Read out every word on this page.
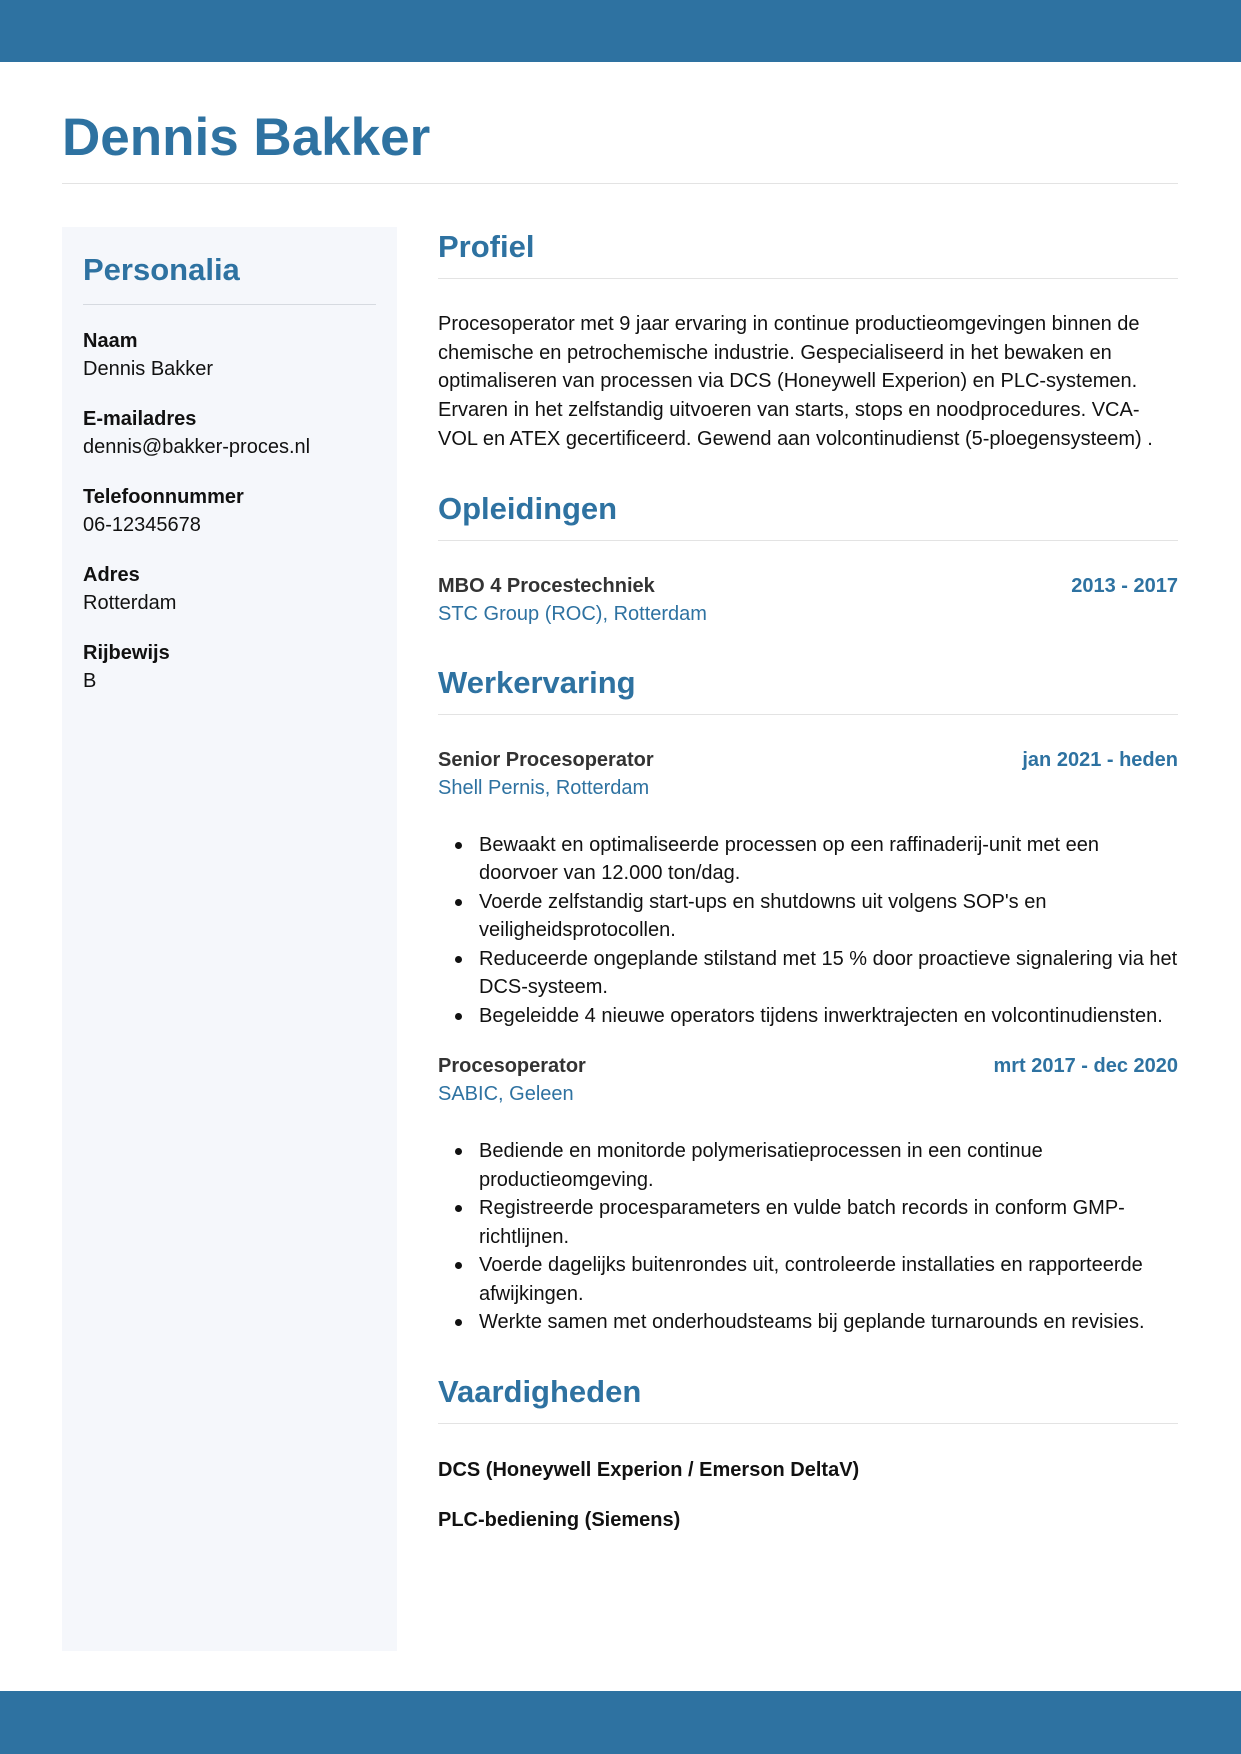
Dennis Bakker
Personalia
Naam
Dennis Bakker
E-mailadres
dennis@bakker-proces.nl
Telefoonnummer
06-12345678
Adres
Rotterdam
Rijbewijs
B
Profiel

Procesoperator met 9 jaar ervaring in continue productieomgevingen binnen de chemische en petrochemische industrie. Gespecialiseerd in het bewaken en optimaliseren van processen via DCS (Honeywell Experion) en PLC-systemen. Ervaren in het zelfstandig uitvoeren van starts, stops en noodprocedures. VCA-VOL en ATEX gecertificeerd. Gewend aan volcontinudienst (5-ploegensysteem) .

Opleidingen
MBO 4 Procestechniek	2013 - 2017
STC Group (ROC), Rotterdam
Werkervaring
Senior Procesoperator	jan 2021 - heden
Shell Pernis, Rotterdam
Bewaakt en optimaliseerde processen op een raffinaderij-unit met een doorvoer van 12.000 ton/dag.
Voerde zelfstandig start-ups en shutdowns uit volgens SOP's en veiligheidsprotocollen.
Reduceerde ongeplande stilstand met 15 % door proactieve signalering via het DCS-systeem.
Begeleidde 4 nieuwe operators tijdens inwerktrajecten en volcontinudiensten.
Procesoperator	mrt 2017 - dec 2020
SABIC, Geleen
Bediende en monitorde polymerisatieprocessen in een continue productieomgeving.
Registreerde procesparameters en vulde batch records in conform GMP-richtlijnen.
Voerde dagelijks buitenrondes uit, controleerde installaties en rapporteerde afwijkingen.
Werkte samen met onderhoudsteams bij geplande turnarounds en revisies.
Vaardigheden
DCS (Honeywell Experion / Emerson DeltaV)
PLC-bediening (Siemens)
